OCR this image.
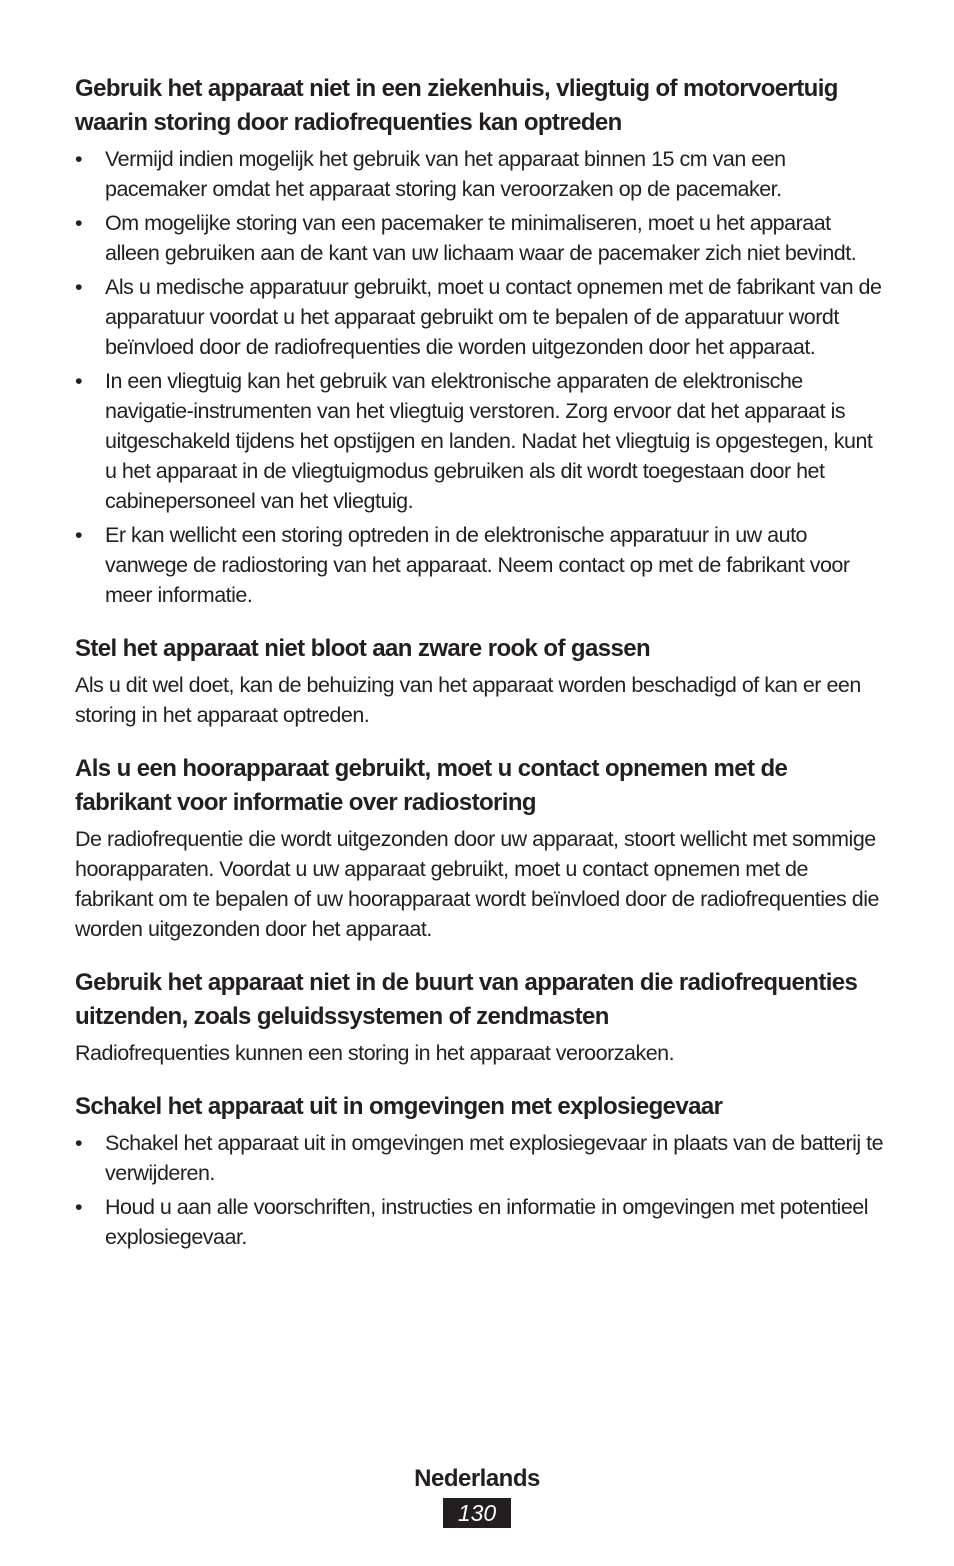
Gebruik het apparaat niet in een ziekenhuis, vliegtuig of motorvoertuig waarin storing door radiofrequenties kan optreden
• Vermijd indien mogelijk het gebruik van het apparaat binnen 15 cm van een pacemaker omdat het apparaat storing kan veroorzaken op de pacemaker.
• Om mogelijke storing van een pacemaker te minimaliseren, moet u het apparaat alleen gebruiken aan de kant van uw lichaam waar de pacemaker zich niet bevindt.
• Als u medische apparatuur gebruikt, moet u contact opnemen met de fabrikant van de apparatuur voordat u het apparaat gebruikt om te bepalen of de apparatuur wordt beïnvloed door de radiofrequenties die worden uitgezonden door het apparaat.
• In een vliegtuig kan het gebruik van elektronische apparaten de elektronische navigatie-instrumenten van het vliegtuig verstoren. Zorg ervoor dat het apparaat is uitgeschakeld tijdens het opstijgen en landen. Nadat het vliegtuig is opgestegen, kunt u het apparaat in de vliegtuigmodus gebruiken als dit wordt toegestaan door het cabinepersoneel van het vliegtuig.
• Er kan wellicht een storing optreden in de elektronische apparatuur in uw auto vanwege de radiostoring van het apparaat. Neem contact op met de fabrikant voor meer informatie.
Stel het apparaat niet bloot aan zware rook of gassen

Als u dit wel doet, kan de behuizing van het apparaat worden beschadigd of kan er een storing in het apparaat optreden.

Als u een hoorapparaat gebruikt, moet u contact opnemen met de fabrikant voor informatie over radiostoring

De radiofrequentie die wordt uitgezonden door uw apparaat, stoort wellicht met sommige hoorapparaten. Voordat u uw apparaat gebruikt, moet u contact opnemen met de fabrikant om te bepalen of uw hoorapparaat wordt beïnvloed door de radiofrequenties die worden uitgezonden door het apparaat.

Gebruik het apparaat niet in de buurt van apparaten die radiofrequenties uitzenden, zoals geluidssystemen of zendmasten

Radiofrequenties kunnen een storing in het apparaat veroorzaken.

Schakel het apparaat uit in omgevingen met explosiegevaar
• Schakel het apparaat uit in omgevingen met explosiegevaar in plaats van de batterij te verwijderen.
• Houd u aan alle voorschriften, instructies en informatie in omgevingen met potentieel explosiegevaar.
Nederlands
130
